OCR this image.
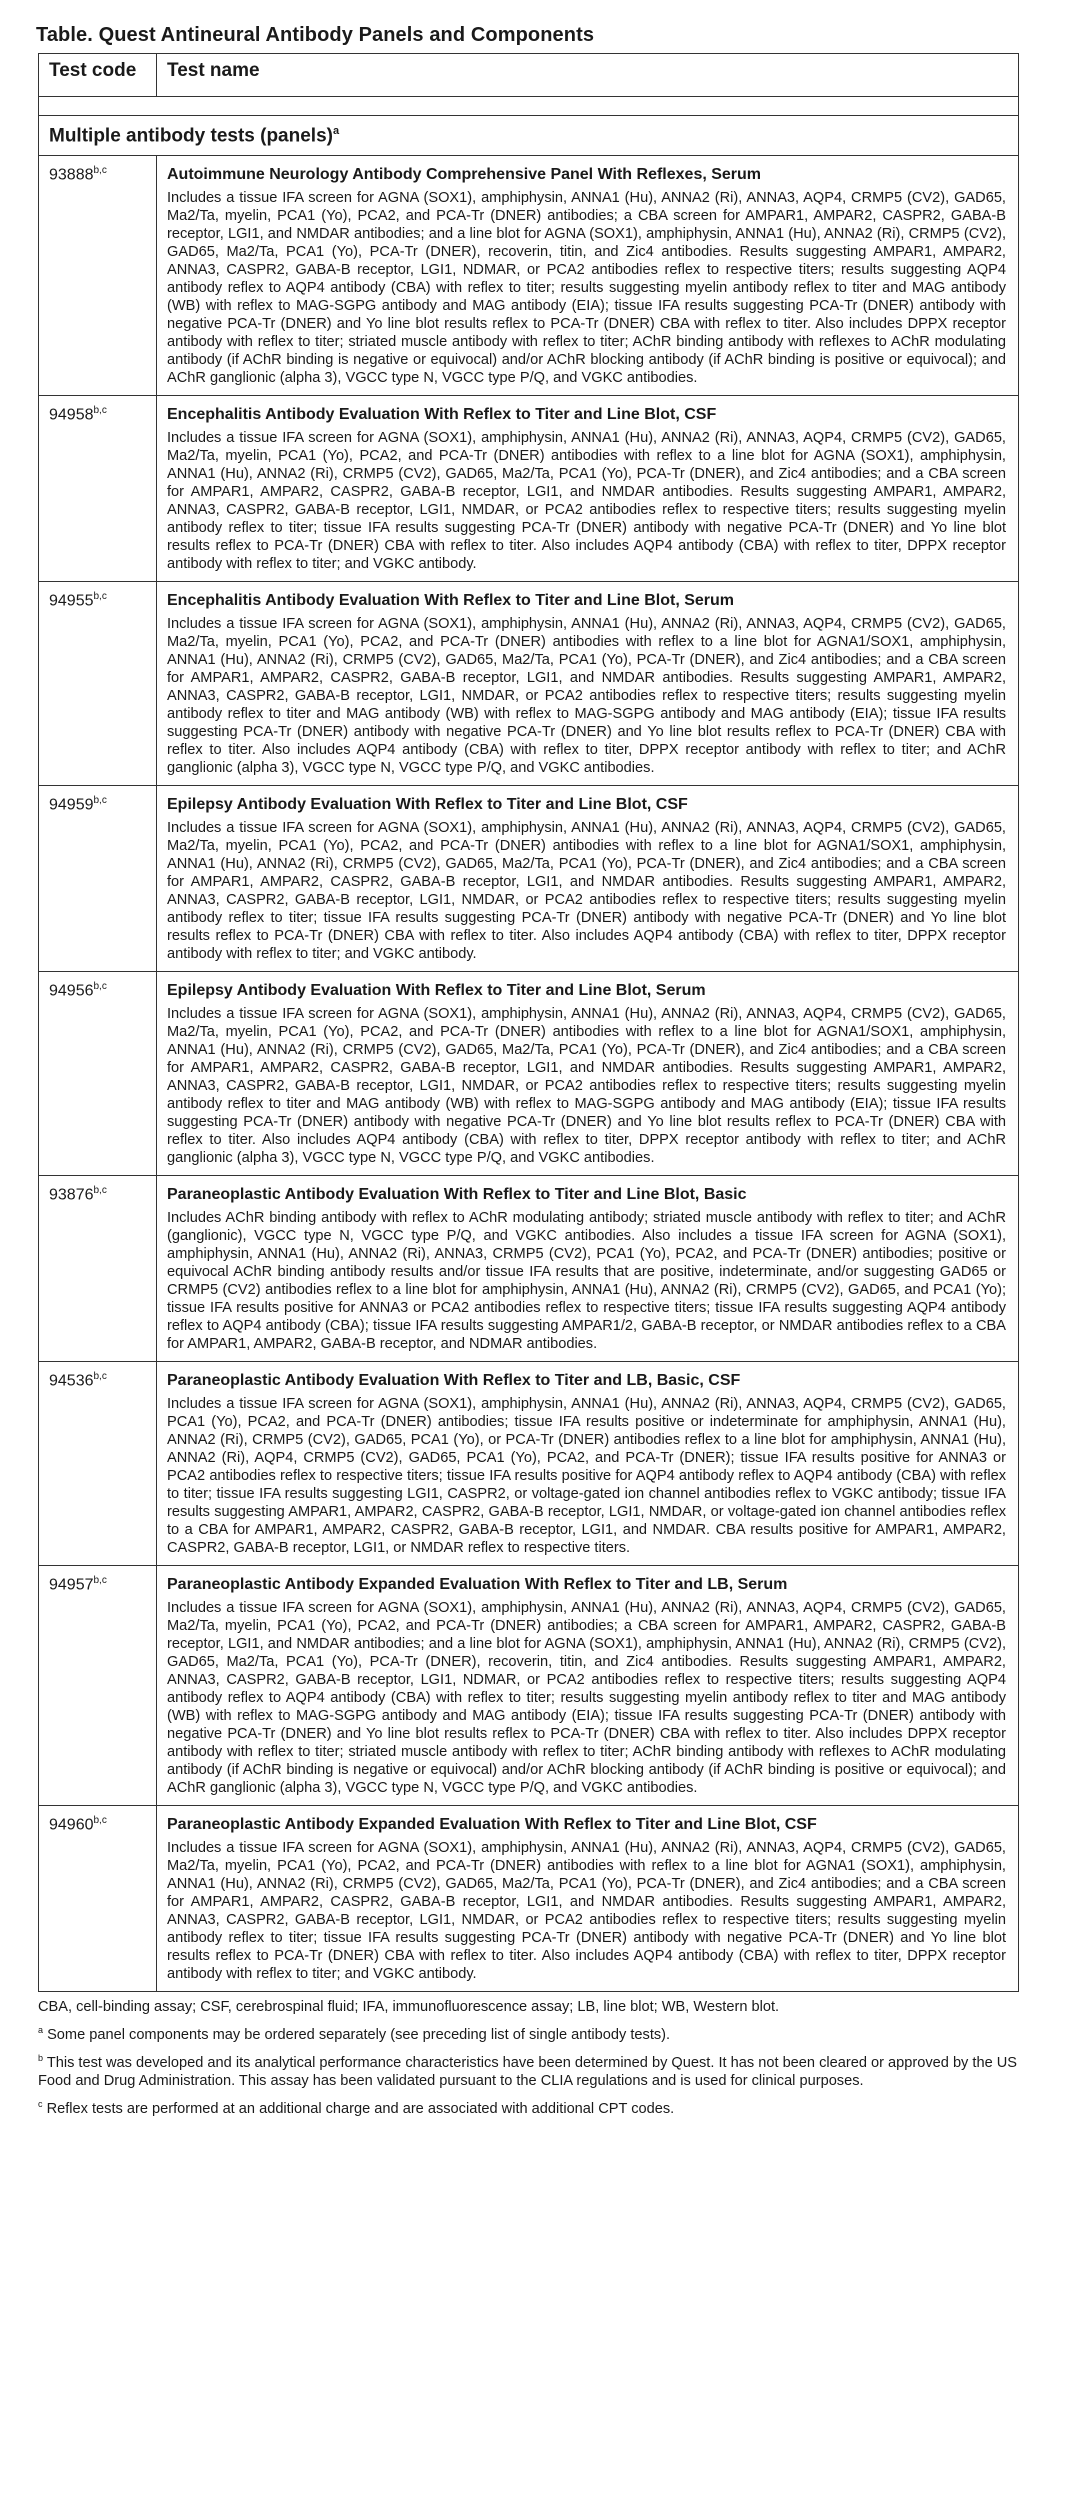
Table. Quest Antineural Antibody Panels and Components
Test code	Test name

Multiple antibody tests (panels)$^a$
93888$^{b,c}$	Autoimmune Neurology Antibody Comprehensive Panel With Reflexes, Serum
Includes a tissue IFA screen for AGNA (SOX1), amphiphysin, ANNA1 (Hu), ANNA2 (Ri), ANNA3, AQP4, CRMP5 (CV2), GAD65, Ma2/Ta, myelin, PCA1 (Yo), PCA2, and PCA-Tr (DNER) antibodies; a CBA screen for AMPAR1, AMPAR2, CASPR2, GABA-B receptor, LGI1, and NMDAR antibodies; and a line blot for AGNA (SOX1), amphiphysin, ANNA1 (Hu), ANNA2 (Ri), CRMP5 (CV2), GAD65, Ma2/Ta, PCA1 (Yo), PCA-Tr (DNER), recoverin, titin, and Zic4 antibodies. Results suggesting AMPAR1, AMPAR2, ANNA3, CASPR2, GABA-B receptor, LGI1, NDMAR, or PCA2 antibodies reflex to respective titers; results suggesting AQP4 antibody reflex to AQP4 antibody (CBA) with reflex to titer; results suggesting myelin antibody reflex to titer and MAG antibody (WB) with reflex to MAG-SGPG antibody and MAG antibody (EIA); tissue IFA results suggesting PCA-Tr (DNER) antibody with negative PCA-Tr (DNER) and Yo line blot results reflex to PCA-Tr (DNER) CBA with reflex to titer. Also includes DPPX receptor antibody with reflex to titer; striated muscle antibody with reflex to titer; AChR binding antibody with reflexes to AChR modulating antibody (if AChR binding is negative or equivocal) and/or AChR blocking antibody (if AChR binding is positive or equivocal); and AChR ganglionic (alpha 3), VGCC type N, VGCC type P/Q, and VGKC antibodies.

94958$^{b,c}$	Encephalitis Antibody Evaluation With Reflex to Titer and Line Blot, CSF
Includes a tissue IFA screen for AGNA (SOX1), amphiphysin, ANNA1 (Hu), ANNA2 (Ri), ANNA3, AQP4, CRMP5 (CV2), GAD65, Ma2/Ta, myelin, PCA1 (Yo), PCA2, and PCA-Tr (DNER) antibodies with reflex to a line blot for AGNA (SOX1), amphiphysin, ANNA1 (Hu), ANNA2 (Ri), CRMP5 (CV2), GAD65, Ma2/Ta, PCA1 (Yo), PCA-Tr (DNER), and Zic4 antibodies; and a CBA screen for AMPAR1, AMPAR2, CASPR2, GABA-B receptor, LGI1, and NMDAR antibodies. Results suggesting AMPAR1, AMPAR2, ANNA3, CASPR2, GABA-B receptor, LGI1, NMDAR, or PCA2 antibodies reflex to respective titers; results suggesting myelin antibody reflex to titer; tissue IFA results suggesting PCA-Tr (DNER) antibody with negative PCA-Tr (DNER) and Yo line blot results reflex to PCA-Tr (DNER) CBA with reflex to titer. Also includes AQP4 antibody (CBA) with reflex to titer, DPPX receptor antibody with reflex to titer; and VGKC antibody.

94955$^{b,c}$	Encephalitis Antibody Evaluation With Reflex to Titer and Line Blot, Serum
Includes a tissue IFA screen for AGNA (SOX1), amphiphysin, ANNA1 (Hu), ANNA2 (Ri), ANNA3, AQP4, CRMP5 (CV2), GAD65, Ma2/Ta, myelin, PCA1 (Yo), PCA2, and PCA-Tr (DNER) antibodies with reflex to a line blot for AGNA1/SOX1, amphiphysin, ANNA1 (Hu), ANNA2 (Ri), CRMP5 (CV2), GAD65, Ma2/Ta, PCA1 (Yo), PCA-Tr (DNER), and Zic4 antibodies; and a CBA screen for AMPAR1, AMPAR2, CASPR2, GABA-B receptor, LGI1, and NMDAR antibodies. Results suggesting AMPAR1, AMPAR2, ANNA3, CASPR2, GABA-B receptor, LGI1, NMDAR, or PCA2 antibodies reflex to respective titers; results suggesting myelin antibody reflex to titer and MAG antibody (WB) with reflex to MAG-SGPG antibody and MAG antibody (EIA); tissue IFA results suggesting PCA-Tr (DNER) antibody with negative PCA-Tr (DNER) and Yo line blot results reflex to PCA-Tr (DNER) CBA with reflex to titer. Also includes AQP4 antibody (CBA) with reflex to titer, DPPX receptor antibody with reflex to titer; and AChR ganglionic (alpha 3), VGCC type N, VGCC type P/Q, and VGKC antibodies.

94959$^{b,c}$	Epilepsy Antibody Evaluation With Reflex to Titer and Line Blot, CSF
Includes a tissue IFA screen for AGNA (SOX1), amphiphysin, ANNA1 (Hu), ANNA2 (Ri), ANNA3, AQP4, CRMP5 (CV2), GAD65, Ma2/Ta, myelin, PCA1 (Yo), PCA2, and PCA-Tr (DNER) antibodies with reflex to a line blot for AGNA1/SOX1, amphiphysin, ANNA1 (Hu), ANNA2 (Ri), CRMP5 (CV2), GAD65, Ma2/Ta, PCA1 (Yo), PCA-Tr (DNER), and Zic4 antibodies; and a CBA screen for AMPAR1, AMPAR2, CASPR2, GABA-B receptor, LGI1, and NMDAR antibodies. Results suggesting AMPAR1, AMPAR2, ANNA3, CASPR2, GABA-B receptor, LGI1, NMDAR, or PCA2 antibodies reflex to respective titers; results suggesting myelin antibody reflex to titer; tissue IFA results suggesting PCA-Tr (DNER) antibody with negative PCA-Tr (DNER) and Yo line blot results reflex to PCA-Tr (DNER) CBA with reflex to titer. Also includes AQP4 antibody (CBA) with reflex to titer, DPPX receptor antibody with reflex to titer; and VGKC antibody.

94956$^{b,c}$	Epilepsy Antibody Evaluation With Reflex to Titer and Line Blot, Serum
Includes a tissue IFA screen for AGNA (SOX1), amphiphysin, ANNA1 (Hu), ANNA2 (Ri), ANNA3, AQP4, CRMP5 (CV2), GAD65, Ma2/Ta, myelin, PCA1 (Yo), PCA2, and PCA-Tr (DNER) antibodies with reflex to a line blot for AGNA1/SOX1, amphiphysin, ANNA1 (Hu), ANNA2 (Ri), CRMP5 (CV2), GAD65, Ma2/Ta, PCA1 (Yo), PCA-Tr (DNER), and Zic4 antibodies; and a CBA screen for AMPAR1, AMPAR2, CASPR2, GABA-B receptor, LGI1, and NMDAR antibodies. Results suggesting AMPAR1, AMPAR2, ANNA3, CASPR2, GABA-B receptor, LGI1, NMDAR, or PCA2 antibodies reflex to respective titers; results suggesting myelin antibody reflex to titer and MAG antibody (WB) with reflex to MAG-SGPG antibody and MAG antibody (EIA); tissue IFA results suggesting PCA-Tr (DNER) antibody with negative PCA-Tr (DNER) and Yo line blot results reflex to PCA-Tr (DNER) CBA with reflex to titer. Also includes AQP4 antibody (CBA) with reflex to titer, DPPX receptor antibody with reflex to titer; and AChR ganglionic (alpha 3), VGCC type N, VGCC type P/Q, and VGKC antibodies.

93876$^{b,c}$	Paraneoplastic Antibody Evaluation With Reflex to Titer and Line Blot, Basic
Includes AChR binding antibody with reflex to AChR modulating antibody; striated muscle antibody with reflex to titer; and AChR (ganglionic), VGCC type N, VGCC type P/Q, and VGKC antibodies. Also includes a tissue IFA screen for AGNA (SOX1), amphiphysin, ANNA1 (Hu), ANNA2 (Ri), ANNA3, CRMP5 (CV2), PCA1 (Yo), PCA2, and PCA-Tr (DNER) antibodies; positive or equivocal AChR binding antibody results and/or tissue IFA results that are positive, indeterminate, and/or suggesting GAD65 or CRMP5 (CV2) antibodies reflex to a line blot for amphiphysin, ANNA1 (Hu), ANNA2 (Ri), CRMP5 (CV2), GAD65, and PCA1 (Yo); tissue IFA results positive for ANNA3 or PCA2 antibodies reflex to respective titers; tissue IFA results suggesting AQP4 antibody reflex to AQP4 antibody (CBA); tissue IFA results suggesting AMPAR1/2, GABA-B receptor, or NMDAR antibodies reflex to a CBA for AMPAR1, AMPAR2, GABA-B receptor, and NDMAR antibodies.

94536$^{b,c}$	Paraneoplastic Antibody Evaluation With Reflex to Titer and LB, Basic, CSF
Includes a tissue IFA screen for AGNA (SOX1), amphiphysin, ANNA1 (Hu), ANNA2 (Ri), ANNA3, AQP4, CRMP5 (CV2), GAD65, PCA1 (Yo), PCA2, and PCA-Tr (DNER) antibodies; tissue IFA results positive or indeterminate for amphiphysin, ANNA1 (Hu), ANNA2 (Ri), CRMP5 (CV2), GAD65, PCA1 (Yo), or PCA-Tr (DNER) antibodies reflex to a line blot for amphiphysin, ANNA1 (Hu), ANNA2 (Ri), AQP4, CRMP5 (CV2), GAD65, PCA1 (Yo), PCA2, and PCA-Tr (DNER); tissue IFA results positive for ANNA3 or PCA2 antibodies reflex to respective titers; tissue IFA results positive for AQP4 antibody reflex to AQP4 antibody (CBA) with reflex to titer; tissue IFA results suggesting LGI1, CASPR2, or voltage-gated ion channel antibodies reflex to VGKC antibody; tissue IFA results suggesting AMPAR1, AMPAR2, CASPR2, GABA-B receptor, LGI1, NMDAR, or voltage-gated ion channel antibodies reflex to a CBA for AMPAR1, AMPAR2, CASPR2, GABA-B receptor, LGI1, and NMDAR. CBA results positive for AMPAR1, AMPAR2, CASPR2, GABA-B receptor, LGI1, or NMDAR reflex to respective titers.

94957$^{b,c}$	Paraneoplastic Antibody Expanded Evaluation With Reflex to Titer and LB, Serum
Includes a tissue IFA screen for AGNA (SOX1), amphiphysin, ANNA1 (Hu), ANNA2 (Ri), ANNA3, AQP4, CRMP5 (CV2), GAD65, Ma2/Ta, myelin, PCA1 (Yo), PCA2, and PCA-Tr (DNER) antibodies; a CBA screen for AMPAR1, AMPAR2, CASPR2, GABA-B receptor, LGI1, and NMDAR antibodies; and a line blot for AGNA (SOX1), amphiphysin, ANNA1 (Hu), ANNA2 (Ri), CRMP5 (CV2), GAD65, Ma2/Ta, PCA1 (Yo), PCA-Tr (DNER), recoverin, titin, and Zic4 antibodies. Results suggesting AMPAR1, AMPAR2, ANNA3, CASPR2, GABA-B receptor, LGI1, NDMAR, or PCA2 antibodies reflex to respective titers; results suggesting AQP4 antibody reflex to AQP4 antibody (CBA) with reflex to titer; results suggesting myelin antibody reflex to titer and MAG antibody (WB) with reflex to MAG-SGPG antibody and MAG antibody (EIA); tissue IFA results suggesting PCA-Tr (DNER) antibody with negative PCA-Tr (DNER) and Yo line blot results reflex to PCA-Tr (DNER) CBA with reflex to titer. Also includes DPPX receptor antibody with reflex to titer; striated muscle antibody with reflex to titer; AChR binding antibody with reflexes to AChR modulating antibody (if AChR binding is negative or equivocal) and/or AChR blocking antibody (if AChR binding is positive or equivocal); and AChR ganglionic (alpha 3), VGCC type N, VGCC type P/Q, and VGKC antibodies.

94960$^{b,c}$	Paraneoplastic Antibody Expanded Evaluation With Reflex to Titer and Line Blot, CSF
Includes a tissue IFA screen for AGNA (SOX1), amphiphysin, ANNA1 (Hu), ANNA2 (Ri), ANNA3, AQP4, CRMP5 (CV2), GAD65, Ma2/Ta, myelin, PCA1 (Yo), PCA2, and PCA-Tr (DNER) antibodies with reflex to a line blot for AGNA1 (SOX1), amphiphysin, ANNA1 (Hu), ANNA2 (Ri), CRMP5 (CV2), GAD65, Ma2/Ta, PCA1 (Yo), PCA-Tr (DNER), and Zic4 antibodies; and a CBA screen for AMPAR1, AMPAR2, CASPR2, GABA-B receptor, LGI1, and NMDAR antibodies. Results suggesting AMPAR1, AMPAR2, ANNA3, CASPR2, GABA-B receptor, LGI1, NMDAR, or PCA2 antibodies reflex to respective titers; results suggesting myelin antibody reflex to titer; tissue IFA results suggesting PCA-Tr (DNER) antibody with negative PCA-Tr (DNER) and Yo line blot results reflex to PCA-Tr (DNER) CBA with reflex to titer. Also includes AQP4 antibody (CBA) with reflex to titer, DPPX receptor antibody with reflex to titer; and VGKC antibody.

CBA, cell-binding assay; CSF, cerebrospinal fluid; IFA, immunofluorescence assay; LB, line blot; WB, Western blot.

$^a$ Some panel components may be ordered separately (see preceding list of single antibody tests).

$^b$ This test was developed and its analytical performance characteristics have been determined by Quest. It has not been cleared or approved by the US Food and Drug Administration. This assay has been validated pursuant to the CLIA regulations and is used for clinical purposes.

$^c$ Reflex tests are performed at an additional charge and are associated with additional CPT codes.
